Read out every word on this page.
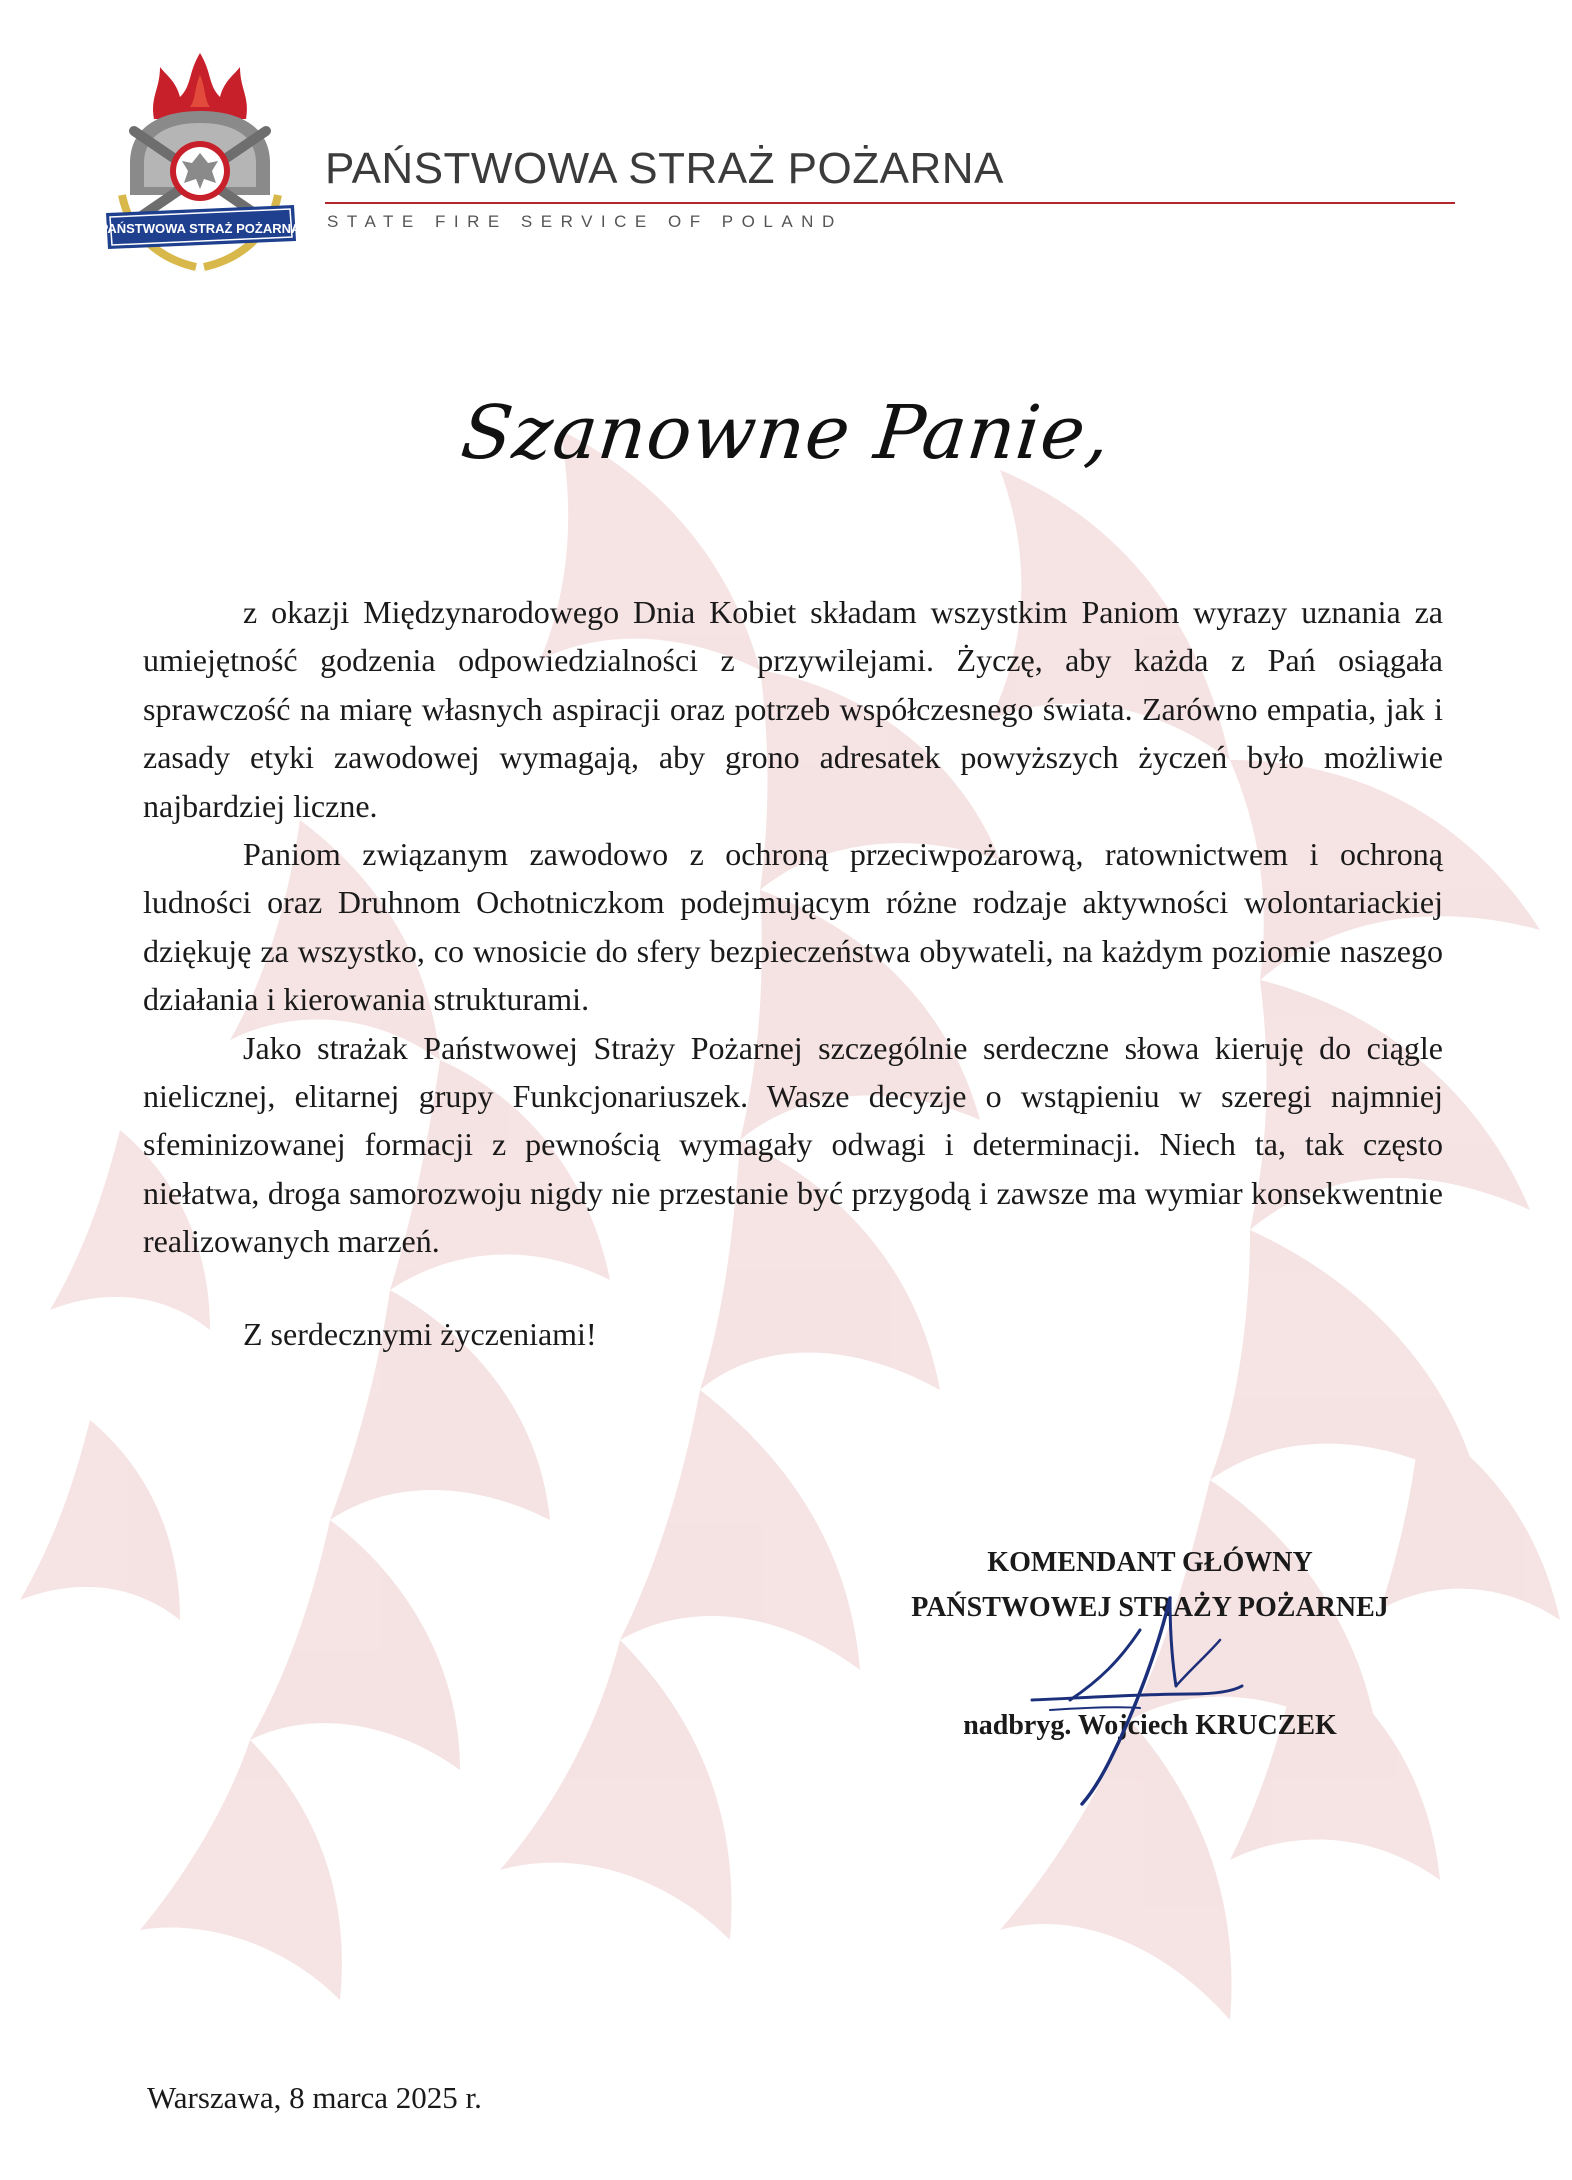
PAŃSTWOWA STRAŻ POŻARNA
PAŃSTWOWA STRAŻ POŻARNA
STATE FIRE SERVICE OF POLAND
Szanowne Panie,

z okazji Międzynarodowego Dnia Kobiet składam wszystkim Paniom wyrazy uznania za umiejętność godzenia odpowiedzialności z przywilejami. Życzę, aby każda z Pań osiągała sprawczość na miarę własnych aspiracji oraz potrzeb współczesnego świata. Zarówno empatia, jak i zasady etyki zawodowej wymagają, aby grono adresatek powyższych życzeń było możliwie najbardziej liczne.

Paniom związanym zawodowo z ochroną przeciwpożarową, ratownictwem i ochroną ludności oraz Druhnom Ochotniczkom podejmującym różne rodzaje aktywności wolontariackiej dziękuję za wszystko, co wnosicie do sfery bezpieczeństwa obywateli, na każdym poziomie naszego działania i kierowania strukturami.

Jako strażak Państwowej Straży Pożarnej szczególnie serdeczne słowa kieruję do ciągle nielicznej, elitarnej grupy Funkcjonariuszek. Wasze decyzje o wstąpieniu w szeregi najmniej sfeminizowanej formacji z pewnością wymagały odwagi i determinacji. Niech ta, tak często niełatwa, droga samorozwoju nigdy nie przestanie być przygodą i zawsze ma wymiar konsekwentnie realizowanych marzeń.

Z serdecznymi życzeniami!
KOMENDANT GŁÓWNY
PAŃSTWOWEJ STRAŻY POŻARNEJ
nadbryg. Wojciech KRUCZEK
Warszawa, 8 marca 2025 r.
